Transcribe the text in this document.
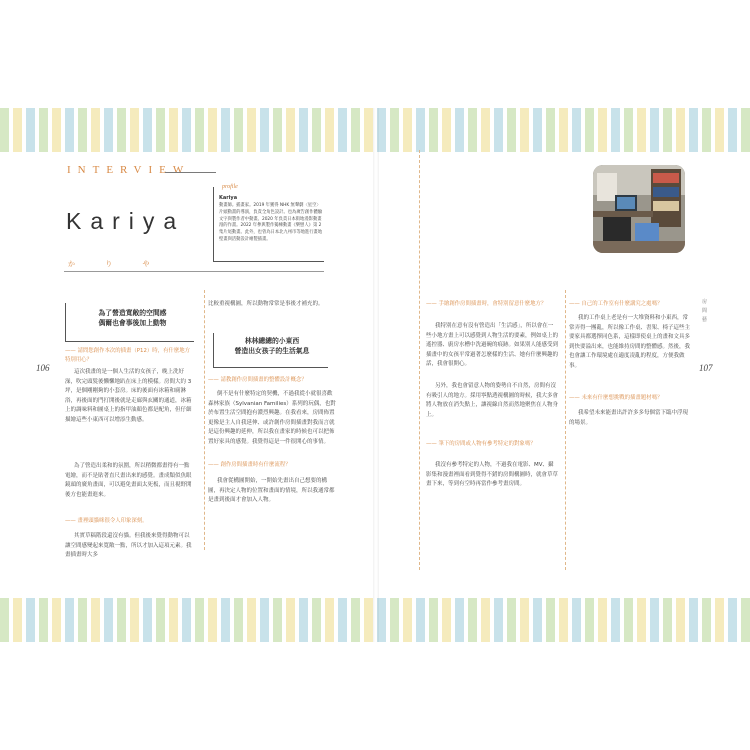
INTERVIEW
Kariya
か り や
profile
Kariya
動畫師。插畫家。2019 年獲得 NHK 無聲劇〈星空〉片頭動畫的導演，負責全角色設計。也為廣告創作體驗文字與製作者中動畫。2020 年負責日本街地漫影動畫漫的作畫。2022 年參與製作獨棟動畫《樂戀人》第 2 集片尾動畫。此外，也曾為日本北九州市等地進行畫地壁畫與活動設計繪製插畫。
為了營造寬敞的空間感
偶爾也會事後加上動物
—— 請問您創作本次的插畫（P12）時，有什麼地方特別用心？
這次我畫的是一個人生活的女孩子，晚上洗好澡，吹完頭髮後懶懶地趴在床上的模樣。房間大約 3 坪，是個剛剛夠的小套房。床的後面有冰箱和廁淋浴，再後面的門打開後就是走廊與玄關的通道，冰箱上的調味料和圖桌上的指甲油顏色都是配角，但仔細描繪這些小東西可以增添生動感。
為了營造出柔和的氛圍，所以稍微都畫得有一點電繪，而不是貼著直尺畫出來的感覺。畫成類似魚眼鏡頭的廣角畫面，可以避免畫面太死板，而且視野開後方也能畫進來。
—— 畫裡頭貓咪很令人印象深刻。
其實草稿階段還沒有貓。但我後來覺得動物可以讓空間感變起來寬敞一點，所以才加入這項元素。我畫插畫時大多
比較重視構圖，所以動物常常是事後才補充的。
林林總總的小東西
營造出女孩子的生活氣息
—— 請教創作房間插畫的整體設計概念？
倒不是有什麼特定的契機，不過我從小就很喜歡森林家族（Sylvanian Families）系列的玩偶，也對於布置生活空間抱有濃烈興趣。在我看來，房間佈置更像是主人自我延伸、或許創作房間插畫對我而言就是這份興趣的延伸，所以我在畫家的時候也可以把佈置好家具的感覺。我覺得這是一件很開心的事情。
—— 創作房間插畫時有什麼流程？
我會從構圖開始，一開始先畫出自己想要的構圖，再決定人物的位置和畫面的情境，所以我通常都是畫到後面才會加入人物。
106
—— 手繪創作房間插畫時，會特別留意什麼地方？
我特別在意有沒有營造出「生活感」，所以會在一些小地方畫上可以感覺到人物生活的要素，例如桌上的遙控器、廚房水槽中洗過碗的痕跡。如果別人能感受到插畫中的女孩平常過著怎麼樣的生活、她有什麼興趣的話，我會很開心。
另外，我也會留意人物的姿勢自不自然，房間有沒有吸引人的地方。採用寧點透視構圖的時候，我大多會將人物放在消失點上，讓視線自然而然地聚焦在人物身上。
—— 筆下的房間或人物有參考特定的對象嗎？
我沒有參考特定的人物，不過我在電影、MV、攝影集和漫畫裡面看到覺得不錯的房間構圖時，就會草草畫下來，等到有空時再當作參考畫房間。
—— 自己的工作室有什麼講究之處嗎？
我的工作桌上老是有一大堆資料和小東西，常常弄得一團亂，所以像工作桌、書架、椅子這些主要家具都選擇同色系，這樣即使桌上的畫和文具多到快要溢出來，也能維持房間的整體感。然後，我也會讓工作環境處在適度凌亂的程度，方便我做事。
—— 未來有什麼想挑戰的插畫題材嗎？
我希望未來能畫出許許多多每個當下臨中浮現的場景。
房 間 藝
107
